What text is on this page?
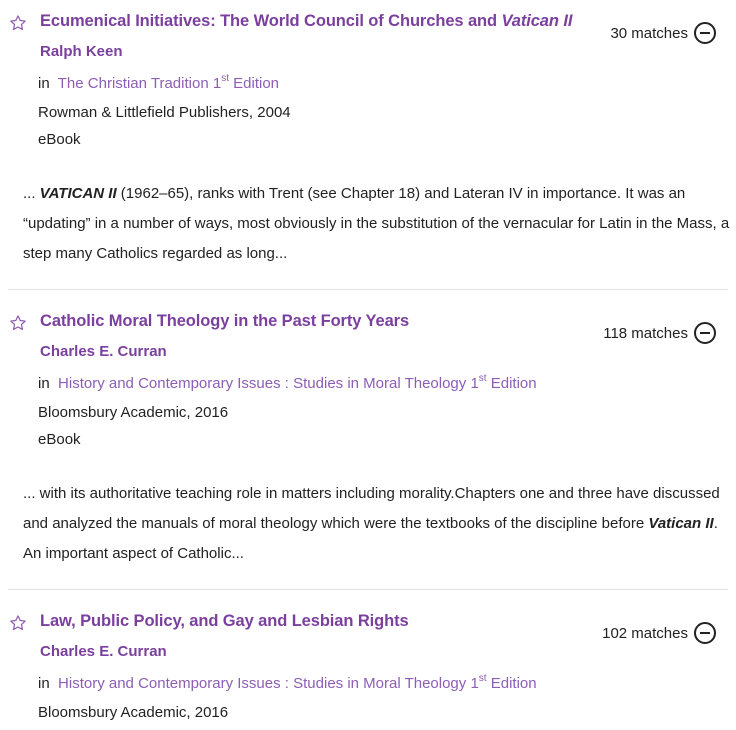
Ecumenical Initiatives: The World Council of Churches and Vatican II
Ralph Keen
in The Christian Tradition 1st Edition
Rowman & Littlefield Publishers, 2004
eBook
30 matches
... VATICAN II (1962–65), ranks with Trent (see Chapter 18) and Lateran IV in importance. It was an “updating” in a number of ways, most obviously in the substitution of the vernacular for Latin in the Mass, a step many Catholics regarded as long...
Catholic Moral Theology in the Past Forty Years
Charles E. Curran
in History and Contemporary Issues : Studies in Moral Theology 1st Edition
Bloomsbury Academic, 2016
eBook
118 matches
... with its authoritative teaching role in matters including morality.Chapters one and three have discussed and analyzed the manuals of moral theology which were the textbooks of the discipline before Vatican II. An important aspect of Catholic...
Law, Public Policy, and Gay and Lesbian Rights
Charles E. Curran
in History and Contemporary Issues : Studies in Moral Theology 1st Edition
Bloomsbury Academic, 2016
102 matches
